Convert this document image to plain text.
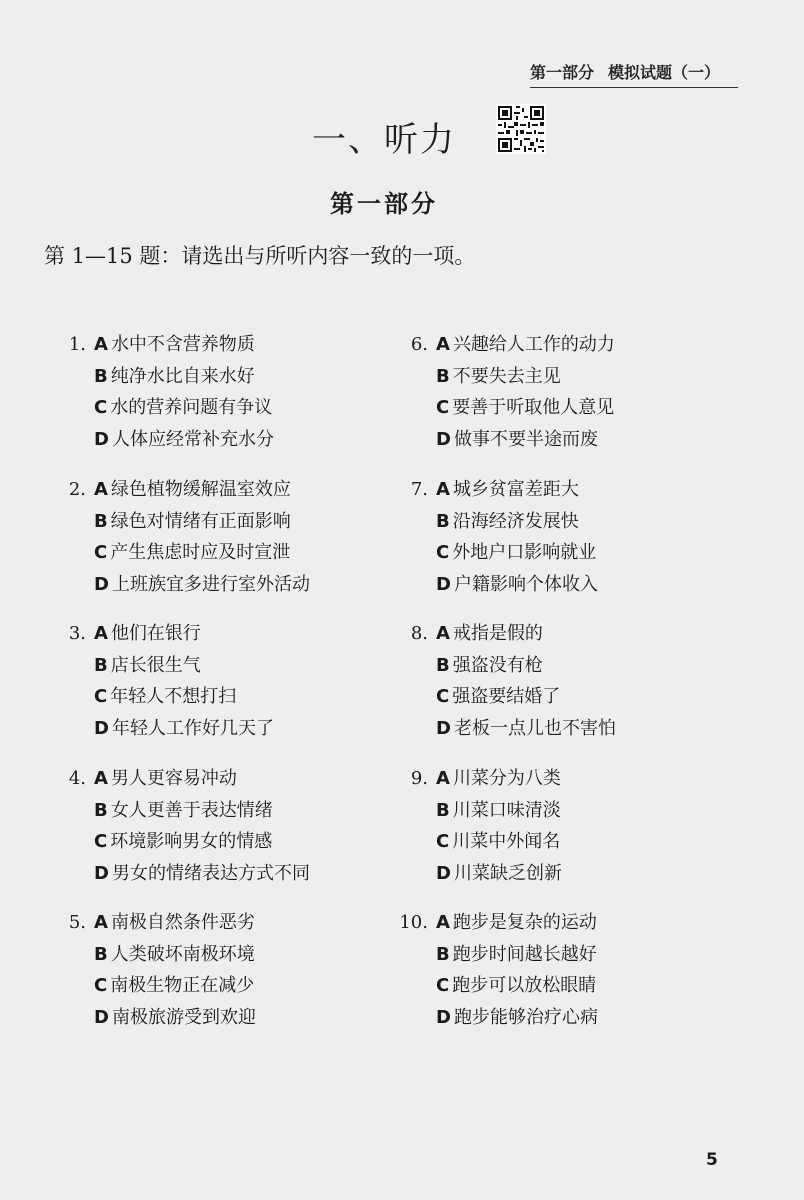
第一部分 模拟试题（一）
一、听力
第一部分
第 1—15 题：请选出与所听内容一致的一项。
1. A 水中不含营养物质
B 纯净水比自来水好
C 水的营养问题有争议
D 人体应经常补充水分
2. A 绿色植物缓解温室效应
B 绿色对情绪有正面影响
C 产生焦虑时应及时宣泄
D 上班族宜多进行室外活动
3. A 他们在银行
B 店长很生气
C 年轻人不想打扫
D 年轻人工作好几天了
4. A 男人更容易冲动
B 女人更善于表达情绪
C 环境影响男女的情感
D 男女的情绪表达方式不同
5. A 南极自然条件恶劣
B 人类破坏南极环境
C 南极生物正在减少
D 南极旅游受到欢迎
6. A 兴趣给人工作的动力
B 不要失去主见
C 要善于听取他人意见
D 做事不要半途而废
7. A 城乡贫富差距大
B 沿海经济发展快
C 外地户口影响就业
D 户籍影响个体收入
8. A 戒指是假的
B 强盗没有枪
C 强盗要结婚了
D 老板一点儿也不害怕
9. A 川菜分为八类
B 川菜口味清淡
C 川菜中外闻名
D 川菜缺乏创新
10. A 跑步是复杂的运动
B 跑步时间越长越好
C 跑步可以放松眼睛
D 跑步能够治疗心病
5
